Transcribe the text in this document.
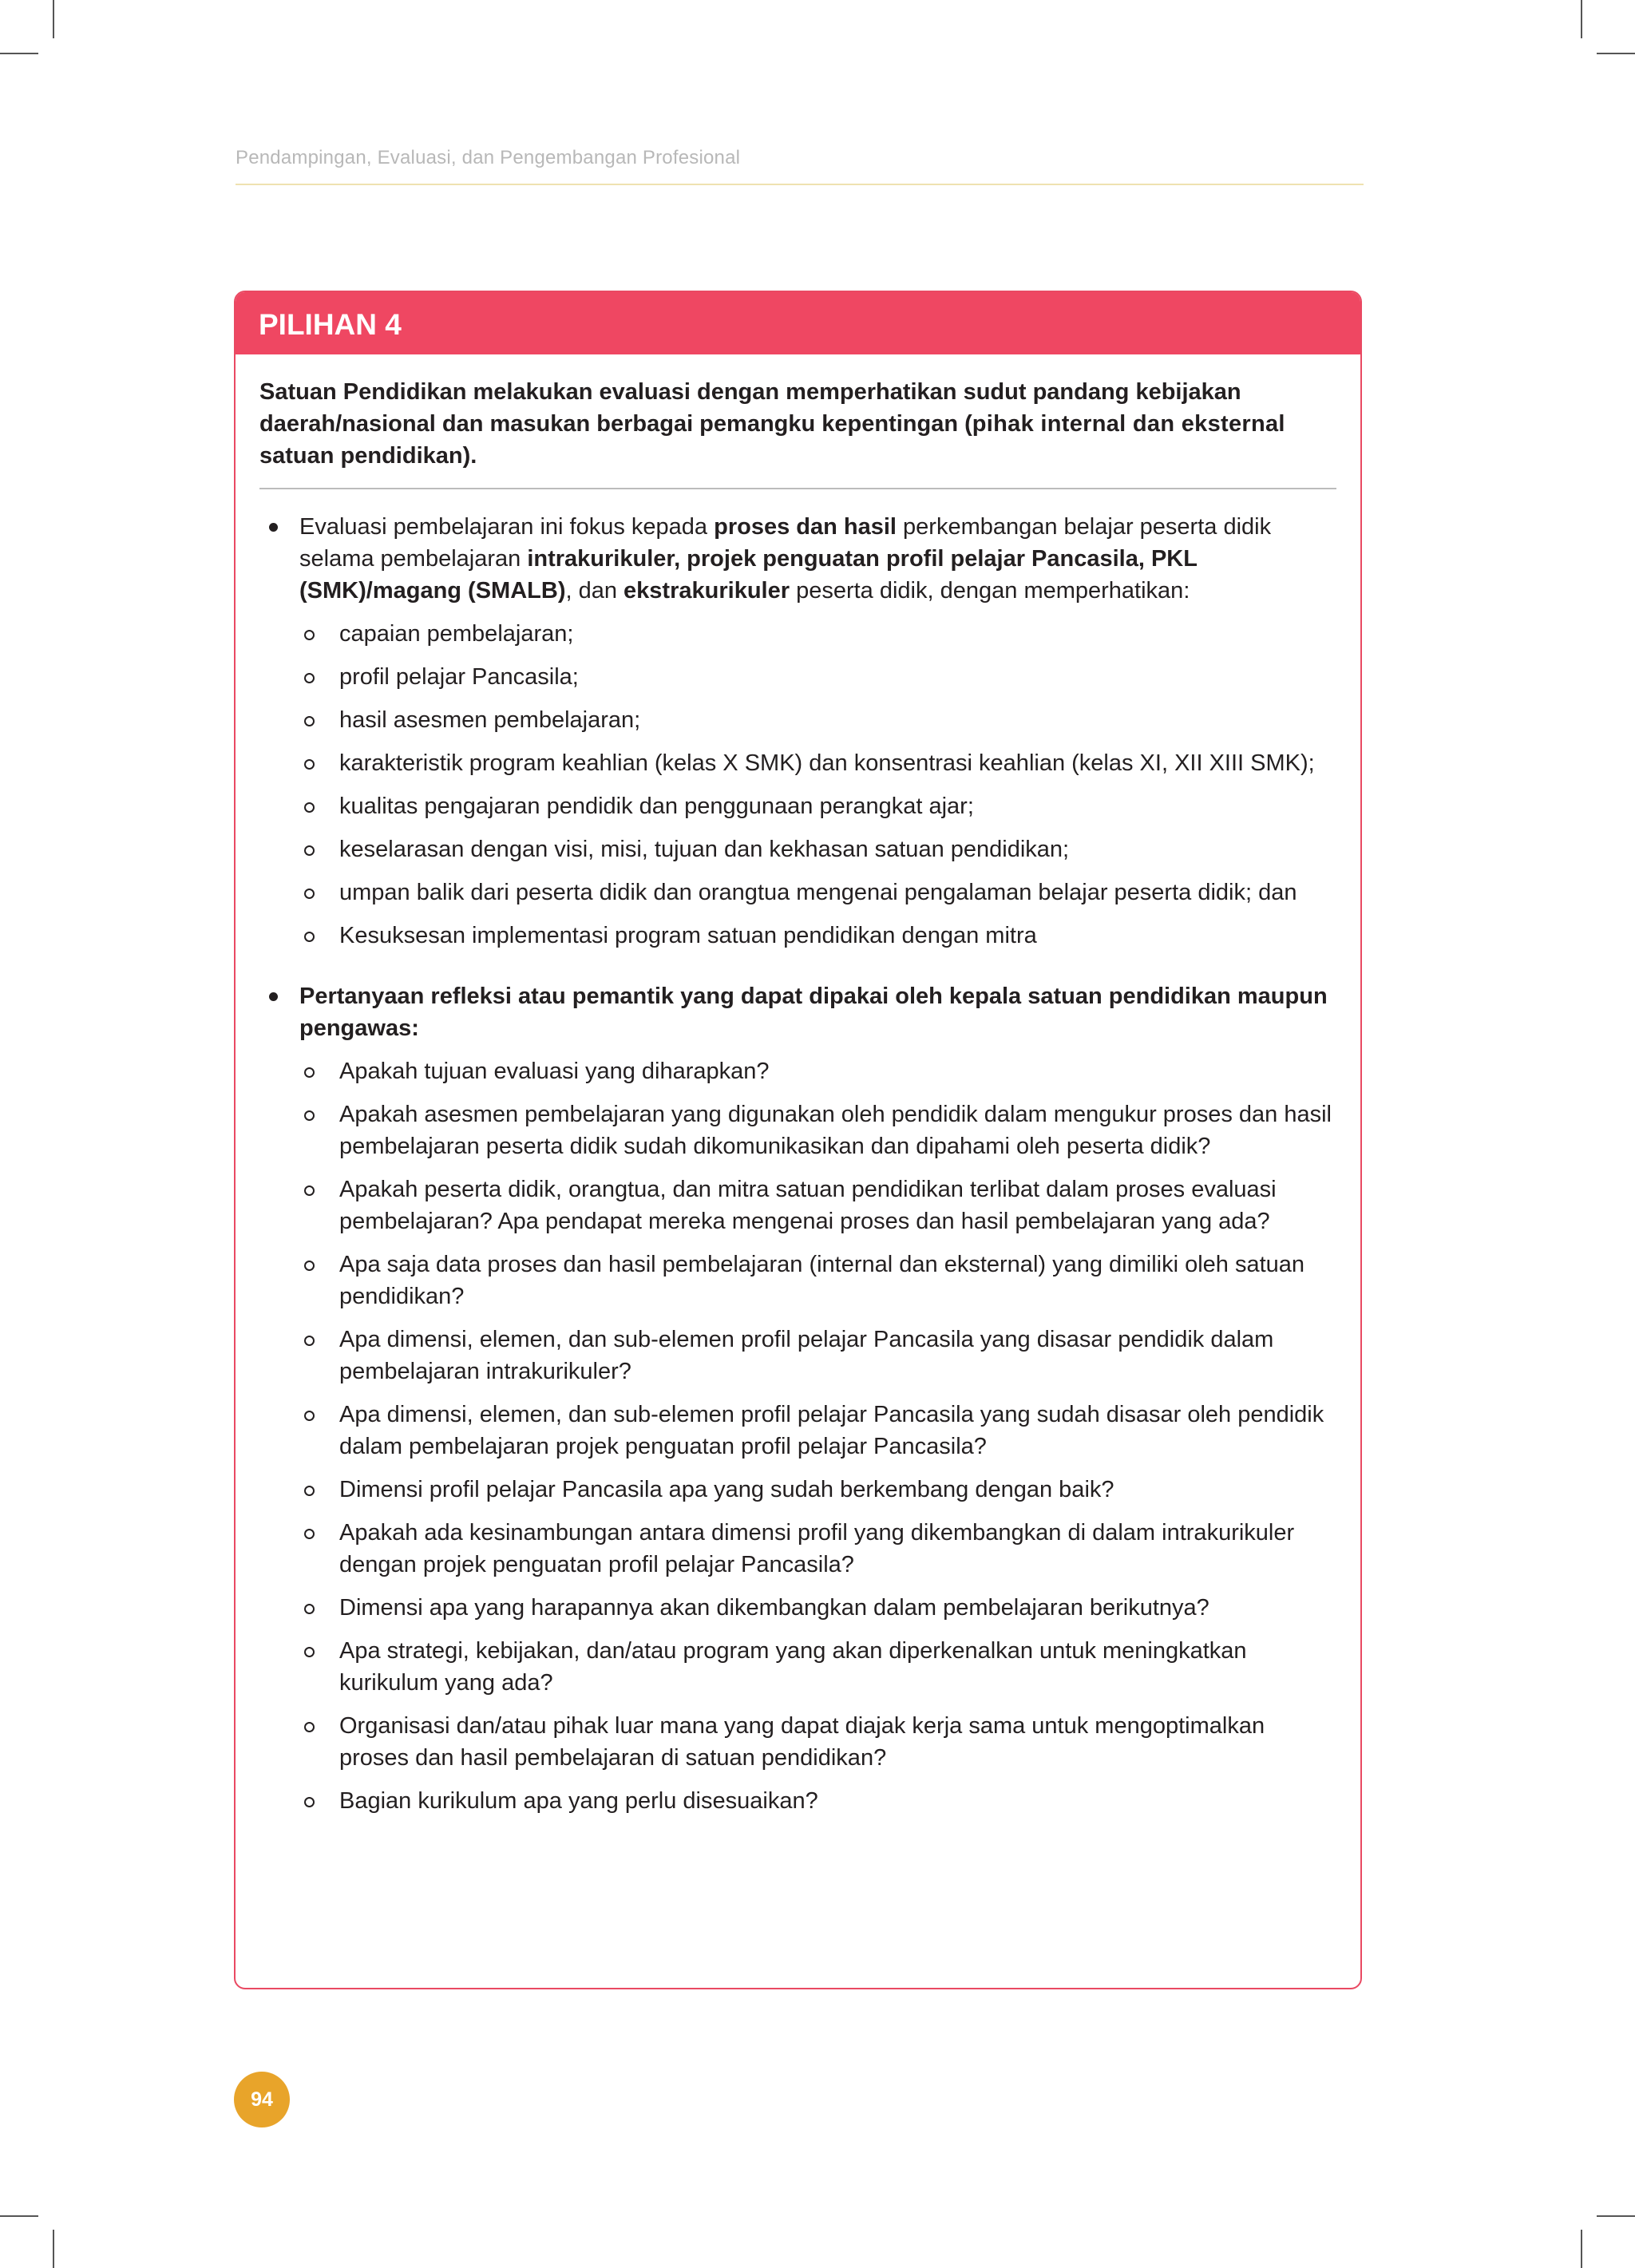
Pendampingan, Evaluasi, dan Pengembangan Profesional
PILIHAN 4
Satuan Pendidikan melakukan evaluasi dengan memperhatikan sudut pandang kebijakan daerah/nasional dan masukan berbagai pemangku kepentingan (pihak internal dan eksternal satuan pendidikan).
Evaluasi pembelajaran ini fokus kepada proses dan hasil perkembangan belajar peserta didik selama pembelajaran intrakurikuler, projek penguatan profil pelajar Pancasila, PKL (SMK)/magang (SMALB), dan ekstrakurikuler peserta didik, dengan memperhatikan:
capaian pembelajaran;
profil pelajar Pancasila;
hasil asesmen pembelajaran;
karakteristik program keahlian (kelas X SMK) dan konsentrasi keahlian (kelas XI, XII XIII SMK);
kualitas pengajaran pendidik dan penggunaan perangkat ajar;
keselarasan dengan visi, misi, tujuan dan kekhasan satuan pendidikan;
umpan balik dari peserta didik dan orangtua mengenai pengalaman belajar peserta didik; dan
Kesuksesan implementasi program satuan pendidikan dengan mitra
Pertanyaan refleksi atau pemantik yang dapat dipakai oleh kepala satuan pendidikan maupun pengawas:
Apakah tujuan evaluasi yang diharapkan?
Apakah asesmen pembelajaran yang digunakan oleh pendidik dalam mengukur proses dan hasil pembelajaran peserta didik sudah dikomunikasikan dan dipahami oleh peserta didik?
Apakah peserta didik, orangtua, dan mitra satuan pendidikan terlibat dalam proses evaluasi pembelajaran? Apa pendapat mereka mengenai proses dan hasil pembelajaran yang ada?
Apa saja data proses dan hasil pembelajaran (internal dan eksternal) yang dimiliki oleh satuan pendidikan?
Apa dimensi, elemen, dan sub-elemen profil pelajar Pancasila yang disasar pendidik dalam pembelajaran intrakurikuler?
Apa dimensi, elemen, dan sub-elemen profil pelajar Pancasila yang sudah disasar oleh pendidik dalam pembelajaran projek penguatan profil pelajar Pancasila?
Dimensi profil pelajar Pancasila apa yang sudah berkembang dengan baik?
Apakah ada kesinambungan antara dimensi profil yang dikembangkan di dalam intrakurikuler dengan projek penguatan profil pelajar Pancasila?
Dimensi apa yang harapannya akan dikembangkan dalam pembelajaran berikutnya?
Apa strategi, kebijakan, dan/atau program yang akan diperkenalkan untuk meningkatkan kurikulum yang ada?
Organisasi dan/atau pihak luar mana yang dapat diajak kerja sama untuk mengoptimalkan proses dan hasil pembelajaran di satuan pendidikan?
Bagian kurikulum apa yang perlu disesuaikan?
94
